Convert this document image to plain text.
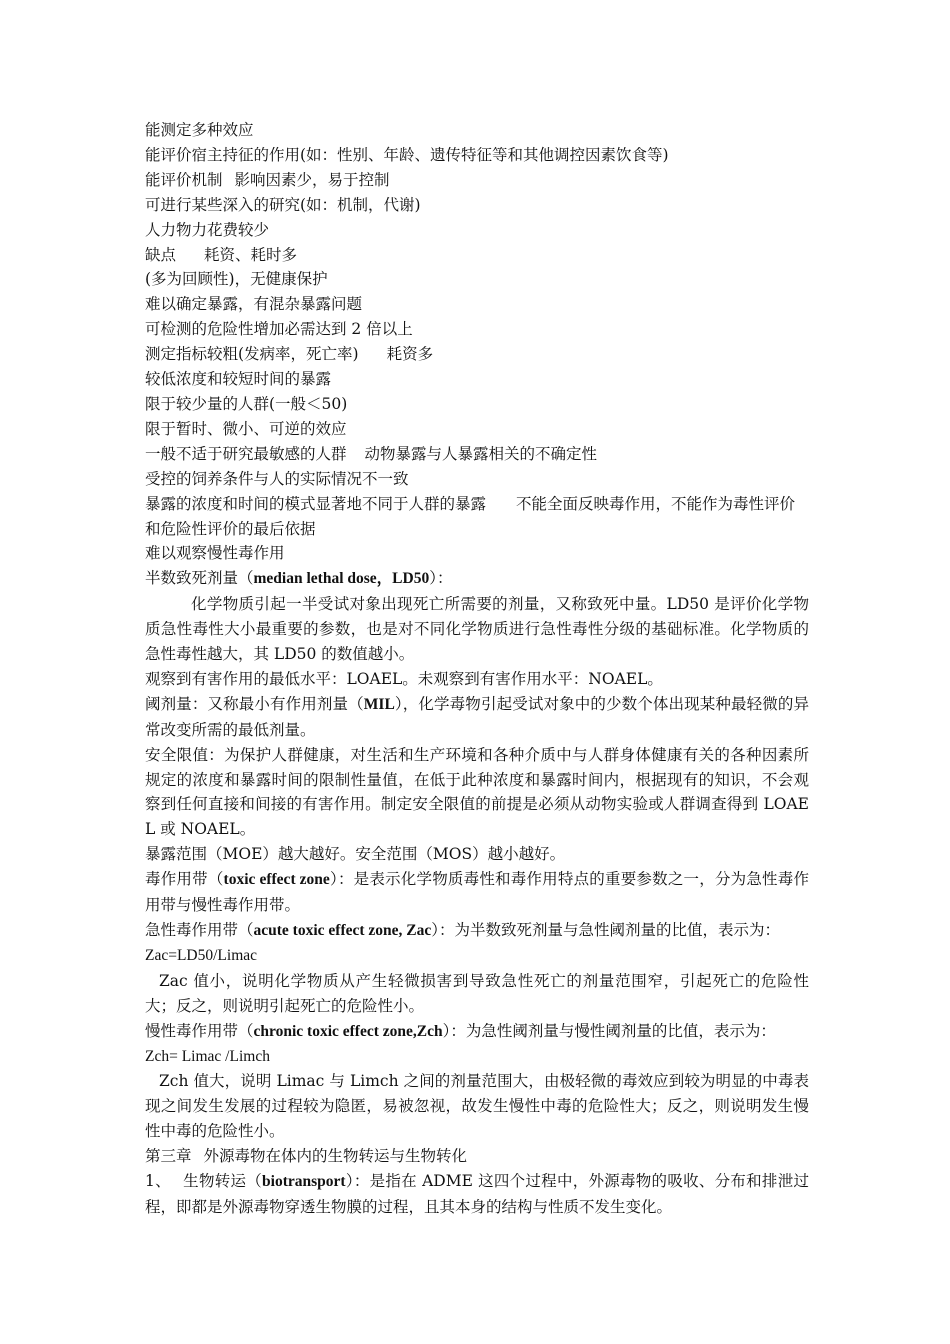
能测定多种效应

能评价宿主持征的作用(如：性别、年龄、遗传特征等和其他调控因素饮食等)

能评价机制 影响因素少，易于控制

可进行某些深入的研究(如：机制，代谢)

人力物力花费较少

缺点 耗资、耗时多

(多为回顾性)，无健康保护

难以确定暴露，有混杂暴露问题

可检测的危险性增加必需达到 2 倍以上

测定指标较粗(发病率，死亡率) 耗资多

较低浓度和较短时间的暴露

限于较少量的人群(一般＜50)

限于暂时、微小、可逆的效应

一般不适于研究最敏感的人群 动物暴露与人暴露相关的不确定性

受控的饲养条件与人的实际情况不一致

暴露的浓度和时间的模式显著地不同于人群的暴露 不能全面反映毒作用，不能作为毒性评价和危险性评价的最后依据

难以观察慢性毒作用

半数致死剂量（median lethal dose，LD50）：

化学物质引起一半受试对象出现死亡所需要的剂量，又称致死中量。LD50 是评价化学物质急性毒性大小最重要的参数，也是对不同化学物质进行急性毒性分级的基础标准。化学物质的急性毒性越大，其 LD50 的数值越小。

观察到有害作用的最低水平：LOAEL。未观察到有害作用水平：NOAEL。

阈剂量：又称最小有作用剂量（MIL），化学毒物引起受试对象中的少数个体出现某种最轻微的异常改变所需的最低剂量。

安全限值：为保护人群健康，对生活和生产环境和各种介质中与人群身体健康有关的各种因素所规定的浓度和暴露时间的限制性量值，在低于此种浓度和暴露时间内，根据现有的知识，不会观察到任何直接和间接的有害作用。制定安全限值的前提是必须从动物实验或人群调查得到 LOAEL 或 NOAEL。

暴露范围（MOE）越大越好。安全范围（MOS）越小越好。

毒作用带（toxic effect zone）：是表示化学物质毒性和毒作用特点的重要参数之一，分为急性毒作用带与慢性毒作用带。

急性毒作用带（acute toxic effect zone, Zac）：为半数致死剂量与急性阈剂量的比值，表示为：

Zac=LD50/Limac

Zac 值小，说明化学物质从产生轻微损害到导致急性死亡的剂量范围窄，引起死亡的危险性大；反之，则说明引起死亡的危险性小。

慢性毒作用带（chronic toxic effect zone,Zch）：为急性阈剂量与慢性阈剂量的比值，表示为：

Zch= Limac /Limch

Zch 值大，说明 Limac 与 Limch 之间的剂量范围大，由极轻微的毒效应到较为明显的中毒表现之间发生发展的过程较为隐匿，易被忽视，故发生慢性中毒的危险性大；反之，则说明发生慢性中毒的危险性小。

第三章 外源毒物在体内的生物转运与生物转化

1、 生物转运（biotransport）：是指在 ADME 这四个过程中，外源毒物的吸收、分布和排泄过程，即都是外源毒物穿透生物膜的过程，且其本身的结构与性质不发生变化。
